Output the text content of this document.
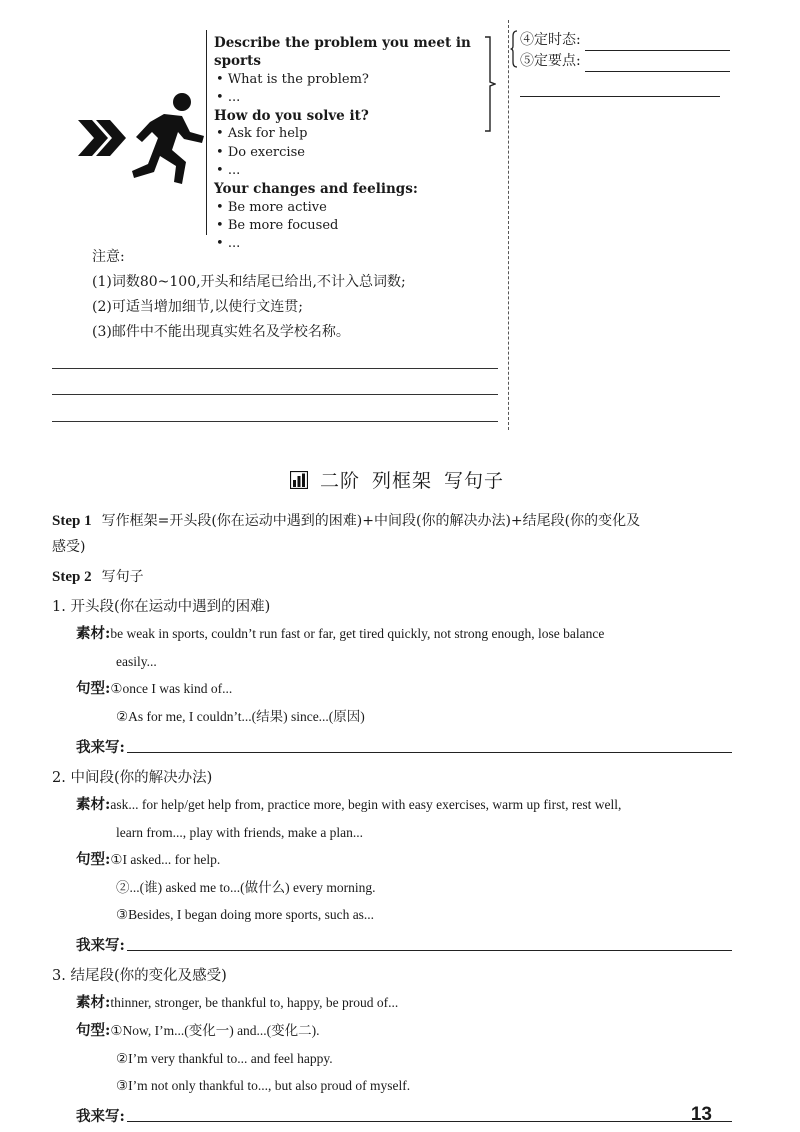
Describe the problem you meet in sports
• What is the problem?
• ...
How do you solve it?
• Ask for help
• Do exercise
• ...
Your changes and feelings:
• Be more active
• Be more focused
• ...
④定时态:
⑤定要点:
注意:
(1)词数80~100,开头和结尾已给出,不计入总词数;
(2)可适当增加细节,以使行文连贯;
(3)邮件中不能出现真实姓名及学校名称。
二阶 列框架 写句子
Step 1 写作框架=开头段(你在运动中遇到的困难)+中间段(你的解决办法)+结尾段(你的变化及
感受)
Step 2 写句子
1. 开头段(你在运动中遇到的困难)
素材:be weak in sports, couldn’t run fast or far, get tired quickly, not strong enough, lose balance
easily...
句型:①once I was kind of...
②As for me, I couldn’t...(结果) since...(原因)
我来写:
2. 中间段(你的解决办法)
素材:ask... for help/get help from, practice more, begin with easy exercises, warm up first, rest well,
learn from..., play with friends, make a plan...
句型:①I asked... for help.
②...(谁) asked me to...(做什么) every morning.
③Besides, I began doing more sports, such as...
我来写:
3. 结尾段(你的变化及感受)
素材:thinner, stronger, be thankful to, happy, be proud of...
句型:①Now, I’m...(变化一) and...(变化二).
②I’m very thankful to... and feel happy.
③I’m not only thankful to..., but also proud of myself.
我来写:	13
